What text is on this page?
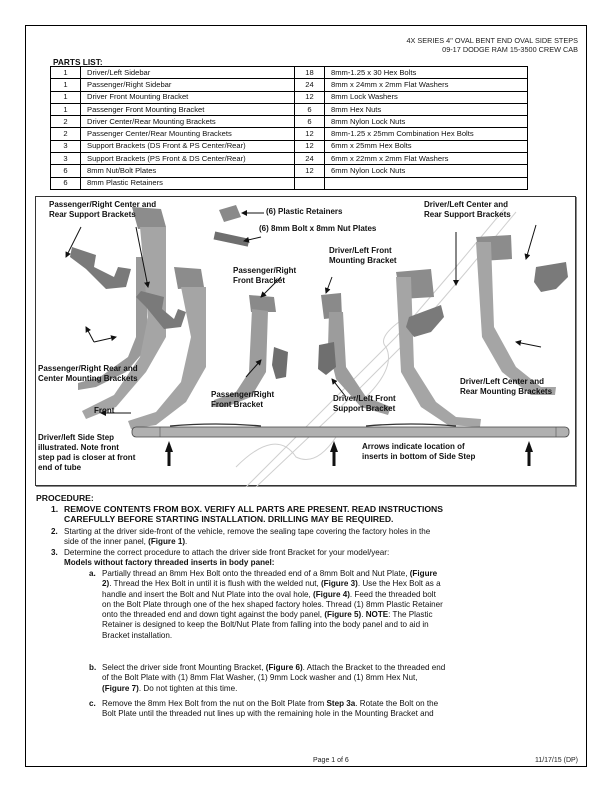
4X SERIES 4" OVAL BENT END OVAL SIDE STEPS
09-17 DODGE RAM 15-3500 CREW CAB
PARTS LIST:
1	Driver/Left Sidebar	18	8mm-1.25 x 30 Hex Bolts
1	Passenger/Right Sidebar	24	8mm x 24mm x 2mm Flat Washers
1	Driver Front Mounting Bracket	12	8mm Lock Washers
1	Passenger Front Mounting Bracket	6	8mm Hex Nuts
2	Driver Center/Rear Mounting Brackets	6	8mm Nylon Lock Nuts
2	Passenger Center/Rear Mounting Brackets	12	8mm-1.25 x 25mm Combination Hex Bolts
3	Support Brackets (DS Front & PS Center/Rear)	12	6mm x 25mm Hex Bolts
3	Support Brackets (PS Front & DS Center/Rear)	24	6mm x 22mm x 2mm Flat Washers
6	8mm Nut/Bolt Plates	12	6mm Nylon Lock Nuts
6	8mm Plastic Retainers		
Passenger/Right Center and
Rear Support Brackets	(6) Plastic Retainers
(6) 8mm Bolt x 8mm Nut Plates
Passenger/Right
Front Bracket
Driver/Left Front
Mounting Bracket
Driver/Left Center and
Rear Support Brackets
Passenger/Right Rear and
Center Mounting Brackets
Passenger/Right
Front Bracket
Driver/Left Front
Support Bracket
Driver/Left Center and
Rear Mounting Brackets
Front
Driver/left Side Step
illustrated. Note front
step pad is closer at front
end of tube
Arrows indicate location of
inserts in bottom of Side Step
PROCEDURE:
1. REMOVE CONTENTS FROM BOX. VERIFY ALL PARTS ARE PRESENT. READ INSTRUCTIONS
CAREFULLY BEFORE STARTING INSTALLATION. DRILLING MAY BE REQUIRED.
2. Starting at the driver side-front of the vehicle, remove the sealing tape covering the factory holes in the
side of the inner panel, (Figure 1).
3. Determine the correct procedure to attach the driver side front Bracket for your model/year:
Models without factory threaded inserts in body panel:
a. Partially thread an 8mm Hex Bolt onto the threaded end of a 8mm Bolt and Nut Plate, (Figure
2). Thread the Hex Bolt in until it is flush with the welded nut, (Figure 3). Use the Hex Bolt as a
handle and insert the Bolt and Nut Plate into the oval hole, (Figure 4). Feed the threaded bolt
on the Bolt Plate through one of the hex shaped factory holes. Thread (1) 8mm Plastic Retainer
onto the threaded end and down tight against the body panel, (Figure 5). NOTE: The Plastic
Retainer is designed to keep the Bolt/Nut Plate from falling into the body panel and to aid in
Bracket installation.
b. Select the driver side front Mounting Bracket, (Figure 6). Attach the Bracket to the threaded end
of the Bolt Plate with (1) 8mm Flat Washer, (1) 9mm Lock washer and (1) 8mm Hex Nut,
(Figure 7). Do not tighten at this time.
c. Remove the 8mm Hex Bolt from the nut on the Bolt Plate from Step 3a. Rotate the Bolt on the
Bolt Plate until the threaded nut lines up with the remaining hole in the Mounting Bracket and
Page 1 of 6	11/17/15 (DP)
